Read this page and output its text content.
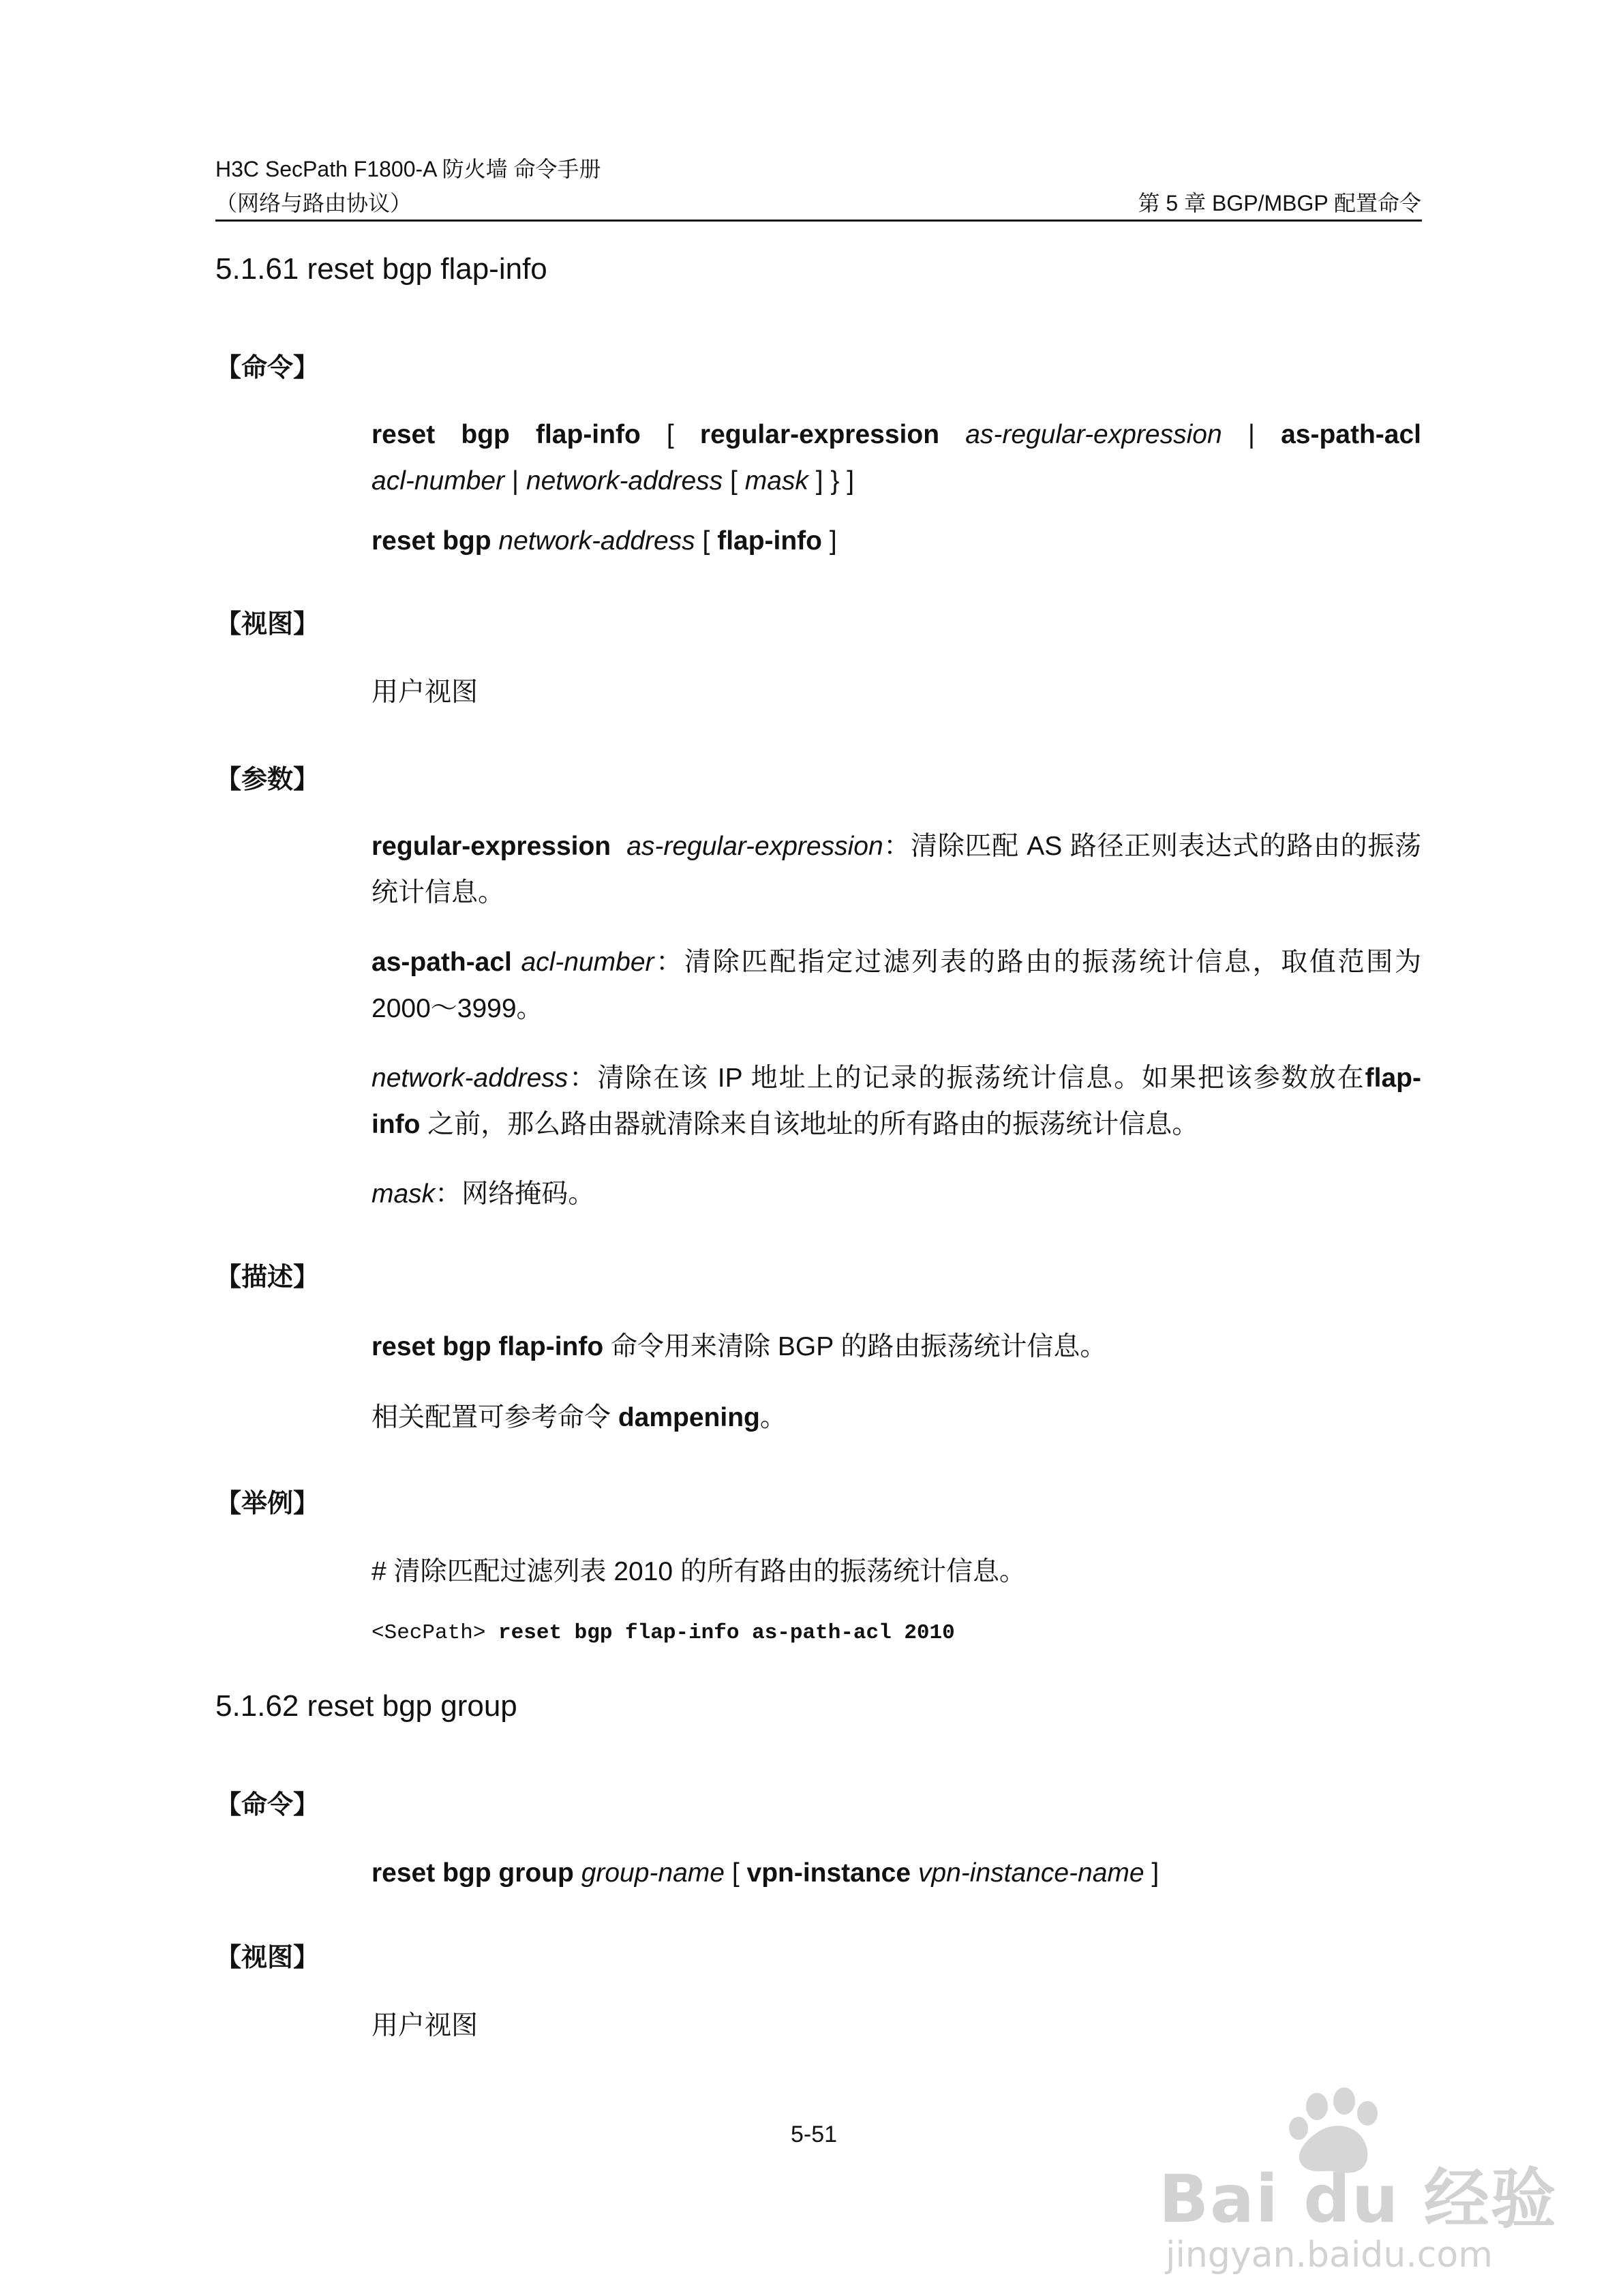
H3C SecPath F1800-A 防火墙 命令手册
（网络与路由协议）	第 5 章 BGP/MBGP 配置命令
5.1.61 reset bgp flap-info
【命令】

reset bgp flap-info [ regular-expression as-regular-expression | as-path-acl

acl-number | network-address [ mask ] } ]

reset bgp network-address [ flap-info ]

【视图】
用户视图
【参数】
regular-expression as-regular-expression：清除匹配 AS 路径正则表达式的路由的振荡统计信息。
as-path-acl acl-number：清除匹配指定过滤列表的路由的振荡统计信息，取值范围为 2000～3999。
network-address：清除在该 IP 地址上的记录的振荡统计信息。如果把该参数放在flap-info 之前，那么路由器就清除来自该地址的所有路由的振荡统计信息。
mask：网络掩码。
【描述】
reset bgp flap-info 命令用来清除 BGP 的路由振荡统计信息。
相关配置可参考命令 dampening。
【举例】
# 清除匹配过滤列表 2010 的所有路由的振荡统计信息。
<SecPath> reset bgp flap-info as-path-acl 2010
5.1.62 reset bgp group
【命令】

reset bgp group group-name [ vpn-instance vpn-instance-name ]

【视图】
用户视图
5-51
Bai du 经验
jingyan.baidu.com
